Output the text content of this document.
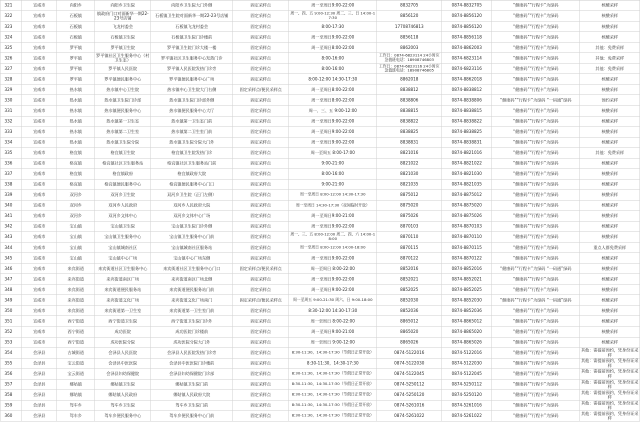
321	宣威市	向阳乡	向阳乡卫生院	向阳乡卫生院大门外侧	固定采样点	周一至周日9:00-22:00	8832705	0874-8832705	“健康码”“行程卡”为绿码	核酸采样
322	宣威市	石板镇	镇政府门口对面新华一期22-23号店铺	石板镇卫生院对面新华一期22-23号店铺	固定采样点	周一、四、五 9:00-12:30 周二、三、日 14:00-17:30	8856120	0874-8856120	“健康码”“行程卡”为绿码	核酸采样
323	宣威市	石板镇	飞龙村委会	石板镇飞龙村委会	固定采样点	8:00-17:30	17708746813	0874-8856120	“健康码”“行程卡”为绿码	核酸采样
324	宣威市	石板镇	石板镇卫生院	石板镇卫生院门诊楼前	固定采样点	周一至周日9:00-22:00	8856118	0874-8856118	“健康码”“行程卡”为绿码	核酸采样
325	宣威市	罗平镇	罗平镇卫生院	罗平镇卫生院门诊大楼一楼	固定采样点	周一至周日8:00-22:00	8862003	0874-8862003	“健康码”“行程卡”为绿码	其他：免费采样
326	宣威市	罗平镇	罗平镇社区卫生服务中心（村卫生室）	罗平镇社区卫生服务中心发热门诊	固定采样点	8:00-16:00	工作日：0874-6823114 24小时应急值班电话：18908746803	0874-6823114	“健康码”“行程卡”为绿码	其他：免费采样
327	宣威市	罗平镇	罗平镇人民医院	罗平镇人民医院发热门诊旁	固定采样点	8:00-16:00	工作日：0874-6823116 24小时应急值班电话：18908746805	0874-6823116	“健康码”“行程卡”为绿码	其他：免费采样
328	宣威市	罗平镇	罗平镇便民服务中心	罗平镇便民服务中心广场	固定采样点	8:00-12:00 14:30-17:30	8862018	0874-8862018	“健康码”“行程卡”为绿码	核酸采样
329	宣威市	热水镇	热水镇中心卫生院	热水镇中心卫生院大门右侧	固定采样点/便民采样点	周一至周日8:00-22:00	8838812	0874-8838812	“健康码”“行程卡”为绿码	核酸采样
330	宣威市	热水镇	热水镇卫生院门诊部	热水镇卫生院门诊部外侧	固定采样点	周一至周日8:00-22:00	8838806	0874-8838806	“健康码”“行程卡”为绿码 “一码通”绿码	预约采样
331	宣威市	热水镇	热水镇便民服务中心	热水镇便民服务中心大厅	固定采样点	周一、三、五 9:00-12:00	8838815	0874-8838815	“健康码”“行程卡”为绿码	核酸采样
332	宣威市	热水镇	热水镇第一卫生室	热水镇第一卫生室门前	固定采样点	周一至周日9:00-22:00	8838822	0874-8838822	“健康码”“行程卡”为绿码	核酸采样
333	宣威市	热水镇	热水镇第二卫生室	热水镇第二卫生室门前	固定采样点	周一至周日9:00-22:00	8838825	0874-8838825	“健康码”“行程卡”为绿码	核酸采样
334	宣威市	热水镇	热水镇卫生院分院	热水镇卫生院分院大门外	固定采样点	周一至周日9:00-22:00	8838831	0874-8838831	“健康码”“行程卡”为绿码	核酸采样
335	宣威市	格宜镇	格宜镇卫生院	格宜镇卫生院发热门诊	固定采样点	周一至周五 8:00-17:00	8821016	0874-8821016	“健康码”“行程卡”为绿码	其他：免费采样
336	宣威市	格宜镇	格宜镇社区卫生服务站	格宜镇社区卫生服务站门前	固定采样点	9:00-21:00	8821022	0874-8821022	“健康码”“行程卡”为绿码	核酸采样
337	宣威市	格宜镇	格宜镇政府	格宜镇政府大院	固定采样点	8:00-16:00	8821030	0874-8821030	“健康码”“行程卡”为绿码	核酸采样
338	宣威市	格宜镇	格宜镇便民服务中心	格宜镇便民服务中心门口	固定采样点	9:00-21:00	8821035	0874-8821035	“健康码”“行程卡”为绿码	核酸采样
339	宣威市	双河乡	双河乡卫生院	双河乡卫生院（正门左侧）	固定采样点	周一至周日 8:00-12:00 14:30-17:30	8875012	0874-8875012	“健康码”“行程卡”为绿码	核酸采样
340	宣威市	双河乡	双河乡人民政府	双河乡人民政府大院	固定采样点	周一至周日 14:30-17:30（夜间临时开放）	8875020	0874-8875020	“健康码”“行程卡”为绿码	核酸采样
341	宣威市	双河乡	双河乡文体中心	双河乡文体中心广场	固定采样点	周一至周日9:00-21:00	8875026	0874-8875026	“健康码”“行程卡”为绿码	核酸采样
342	宣威市	宝山镇	宝山镇卫生院	宝山镇卫生院门诊外侧	固定采样点	周一至周日9:00-22:00	8870103	0874-8870103	“健康码”“行程卡”为绿码	核酸采样
343	宣威市	宝山镇	宝山镇卫生服务中心	宝山镇卫生服务中心门前	固定采样点	周一、三、五 8:00-12:00 周二、四、六 14:00-18:00	8870110	0874-8870110	“健康码”“行程卡”为绿码	核酸采样
344	宣威市	宝山镇	宝山镇城南社区	宝山镇城南社区服务站	固定采样点	周一至周日 8:00-12:00 14:00-18:00	8870115	0874-8870115	“健康码”“行程卡”为绿码	重点人群免费采样
345	宣威市	宝山镇	宝山镇中心广场	宝山镇中心广场东侧	固定采样点	周一至周日9:00-22:00	8870122	0874-8870122	“健康码”“行程卡”为绿码	核酸采样
346	宣威市	来宾街道	来宾街道社区卫生服务中心	来宾街道社区卫生服务中心门口	固定采样点/便民采样点	周一至周日 8:00-22:00	8852016	0874-8852016	“健康码”“行程卡”为绿码 “一码通”绿码	核酸采样
347	宣威市	来宾街道	来宾街道南区广场	来宾街道南区广场北侧	固定采样点	周一至周日9:00-22:00	8852021	0874-8852021	“健康码”“行程卡”为绿码	核酸采样
348	宣威市	来宾街道	来宾街道便民服务站	来宾街道便民服务站门前	固定采样点	周一至周日9:00-22:00	8852025	0874-8852025	“健康码”“行程卡”为绿码	核酸采样
349	宣威市	来宾街道	来宾街道文化广场	来宾街道文化广场南门	固定采样点/便民采样点	周一至周五 9:00-21:30 周六、日 9:00-18:00	8852030	0874-8852030	“健康码”“行程卡”为绿码 “一码通”绿码	核酸采样
350	宣威市	来宾街道	来宾街道第一卫生室	来宾街道第一卫生室门前	固定采样点	8:30-12:00 14:30-17:30	8852036	0874-8852036	“健康码”“行程卡”为绿码	核酸采样
351	宣威市	西宁街道	西宁街道卫生院	西宁街道卫生院门诊外	固定采样点	周一至周日 8:00-22:00	8865012	0874-8865012	“健康码”“行程卡”为绿码	核酸采样
352	宣威市	西宁街道	成功医院	成功医院门诊楼前	固定采样点	周一至周日9:00-21:00	8865020	0874-8865020	“健康码”“行程卡”为绿码	核酸采样
353	宣威市	西宁街道	成功医院分院	成功医院分院大门外	固定采样点	周一至周日 9:00-12:00	8865026	0874-8865026	“健康码”“行程卡”为绿码	核酸采样
354	会泽县	古城街道	会泽县人民医院	会泽县人民医院发热门诊旁	固定采样点	8:30-11:30，14:30-17:30（节假日正常开放）	0874-5122016	0874-5122016	“健康码”“行程卡”为绿码	其他：需提前预约，凭身份证采样
355	会泽县	宝云街道	会泽县中医医院	会泽县中医医院门诊楼前	固定采样点	8:30-11:30，14:30-17:30	0874-5122030	0874-5122030	“健康码”“行程卡”为绿码	其他：需提前预约，凭身份证采样
356	会泽县	宝云街道	会泽县妇幼保健院	会泽县妇幼保健院门诊部	固定采样点	8:30-11:30，14:30-17:30（节假日正常开放）	0874-5122045	0874-5122045	“健康码”“行程卡”为绿码	其他：需提前预约，凭身份证采样
357	会泽县	娜姑镇	娜姑镇卫生院	娜姑镇卫生院门前	固定采样点	8:30-11:30，14:30-17:30（节假日正常开放）	0874-5250112	0874-5250112	“健康码”“行程卡”为绿码	其他：需提前预约，凭身份证采样
358	会泽县	娜姑镇	娜姑镇人民政府	娜姑镇人民政府大院	固定采样点	8:30-11:30，14:30-17:30（节假日正常开放）	0874-5250120	0874-5250120	“健康码”“行程卡”为绿码	其他：需提前预约，凭身份证采样
359	会泽县	驾车乡	驾车乡卫生院	驾车乡卫生院门前	固定采样点	8:30-11:30，14:30-17:30（节假日正常开放）	0874-5261016	0874-5261016	“健康码”“行程卡”为绿码	其他：需提前预约，凭身份证采样
360	会泽县	驾车乡	驾车乡便民服务中心	驾车乡便民服务中心门前	固定采样点	8:30-11:30，14:30-17:30（节假日正常开放）	0874-5261022	0874-5261022	“健康码”“行程卡”为绿码	其他：需提前预约，凭身份证采样
